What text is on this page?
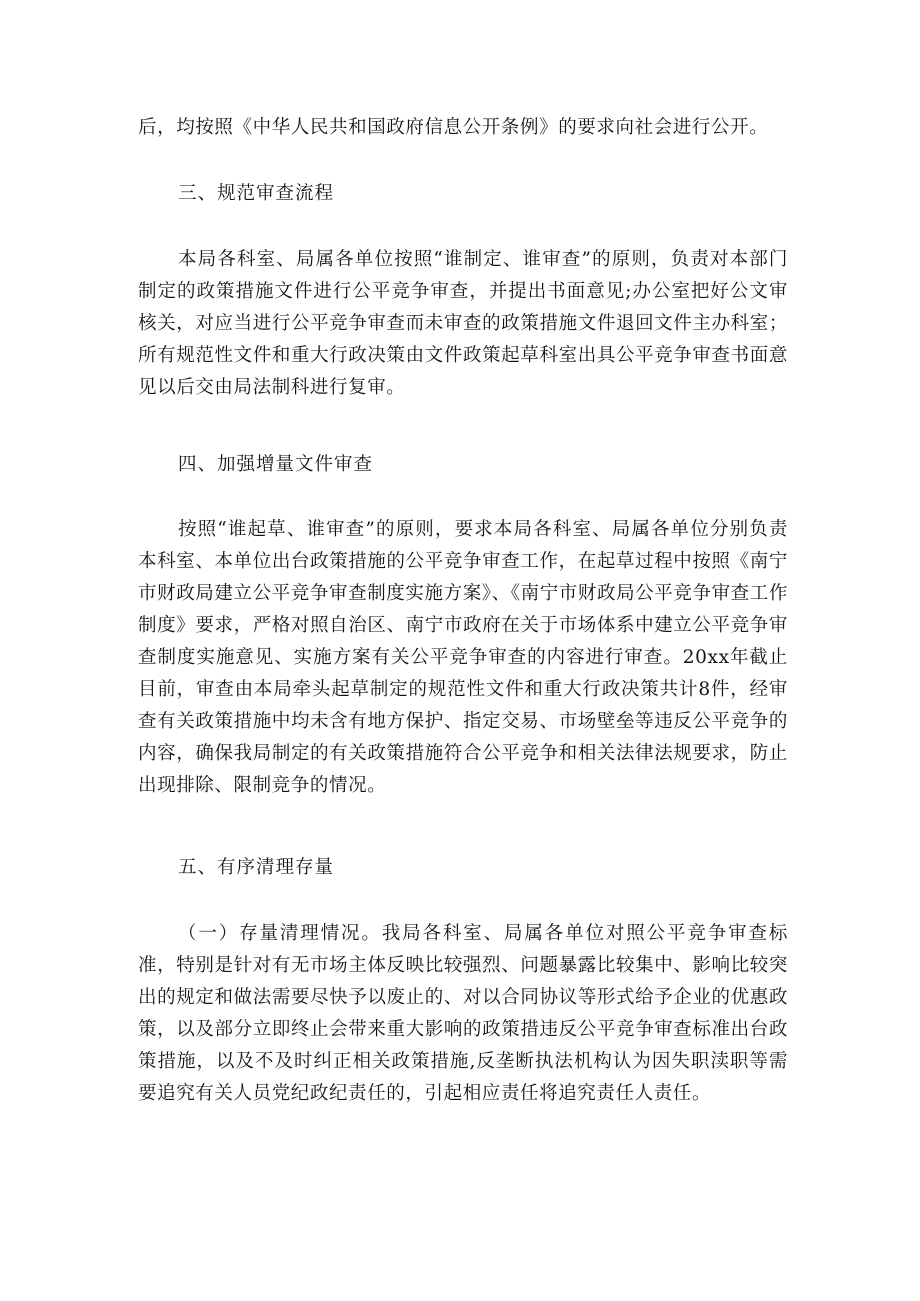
后，均按照《中华人民共和国政府信息公开条例》的要求向社会进行公开。

三、规范审查流程

本局各科室、局属各单位按照“谁制定、谁审查”的原则，负责对本部门制定的政策措施文件进行公平竞争审查，并提出书面意见;办公室把好公文审核关，对应当进行公平竞争审查而未审查的政策措施文件退回文件主办科室；所有规范性文件和重大行政决策由文件政策起草科室出具公平竞争审查书面意见以后交由局法制科进行复审。

四、加强增量文件审查

按照“谁起草、谁审查”的原则，要求本局各科室、局属各单位分别负责本科室、本单位出台政策措施的公平竞争审查工作，在起草过程中按照《南宁市财政局建立公平竞争审查制度实施方案》、《南宁市财政局公平竞争审查工作制度》要求，严格对照自治区、南宁市政府在关于市场体系中建立公平竞争审查制度实施意见、实施方案有关公平竞争审查的内容进行审查。20xx年截止目前，审查由本局牵头起草制定的规范性文件和重大行政决策共计8件，经审查有关政策措施中均未含有地方保护、指定交易、市场壁垒等违反公平竞争的内容，确保我局制定的有关政策措施符合公平竞争和相关法律法规要求，防止出现排除、限制竞争的情况。

五、有序清理存量

（一）存量清理情况。我局各科室、局属各单位对照公平竞争审查标准，特别是针对有无市场主体反映比较强烈、问题暴露比较集中、影响比较突出的规定和做法需要尽快予以废止的、对以合同协议等形式给予企业的优惠政策，以及部分立即终止会带来重大影响的政策措违反公平竞争审查标准出台政策措施，以及不及时纠正相关政策措施,反垄断执法机构认为因失职渎职等需要追究有关人员党纪政纪责任的，引起相应责任将追究责任人责任。
